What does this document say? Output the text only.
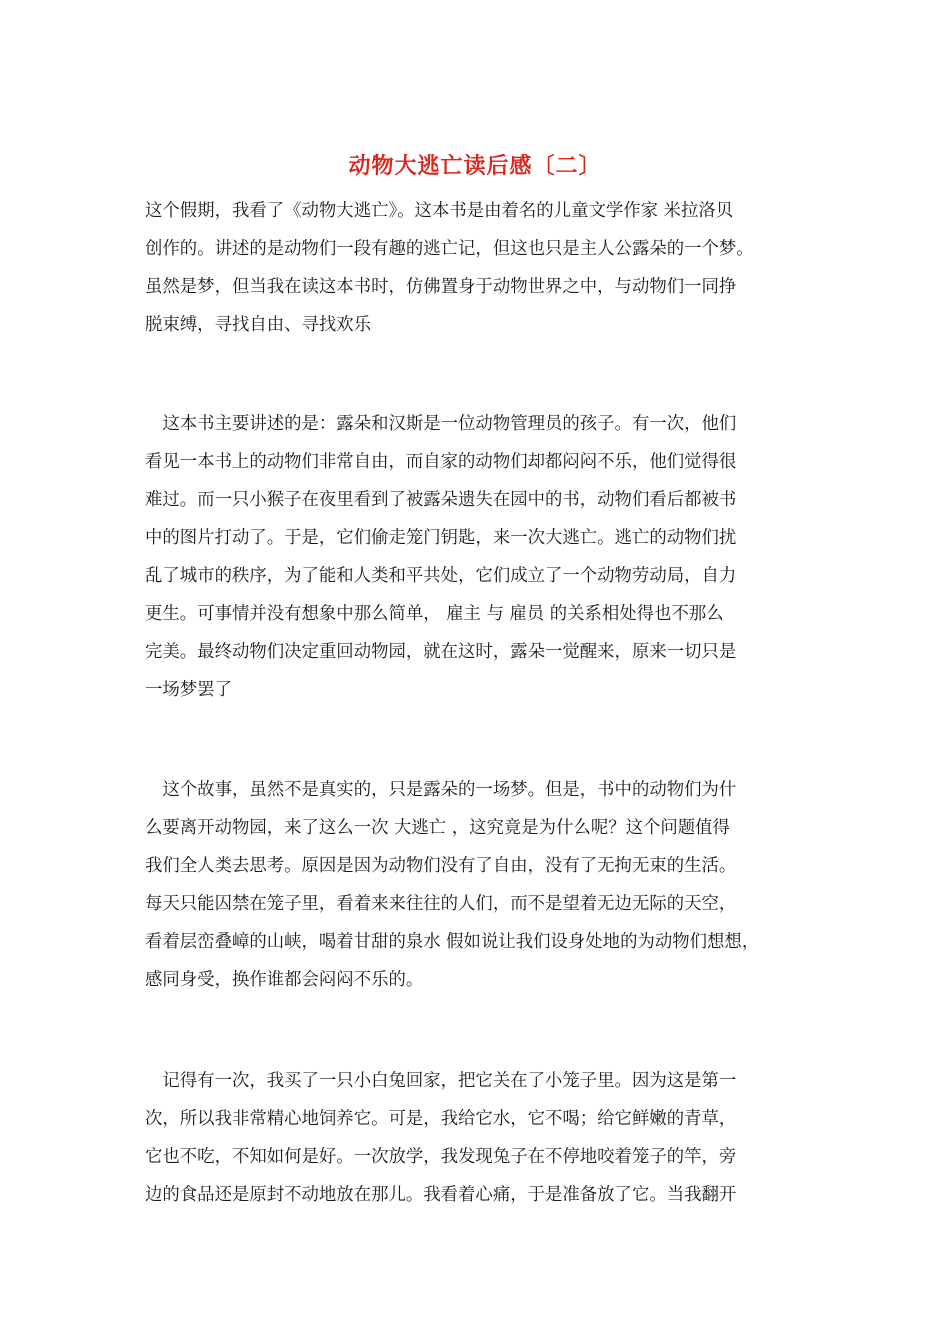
动物大逃亡读后感〔二〕
这个假期，我看了《动物大逃亡》。这本书是由着名的儿童文学作家 米拉洛贝
创作的。讲述的是动物们一段有趣的逃亡记，但这也只是主人公露朵的一个梦。
虽然是梦，但当我在读这本书时，仿佛置身于动物世界之中，与动物们一同挣
脱束缚，寻找自由、寻找欢乐
　这本书主要讲述的是：露朵和汉斯是一位动物管理员的孩子。有一次，他们
看见一本书上的动物们非常自由，而自家的动物们却都闷闷不乐，他们觉得很
难过。而一只小猴子在夜里看到了被露朵遗失在园中的书，动物们看后都被书
中的图片打动了。于是，它们偷走笼门钥匙，来一次大逃亡。逃亡的动物们扰
乱了城市的秩序，为了能和人类和平共处，它们成立了一个动物劳动局，自力
更生。可事情并没有想象中那么简单， 雇主 与 雇员 的关系相处得也不那么
完美。最终动物们决定重回动物园，就在这时，露朵一觉醒来，原来一切只是
一场梦罢了
　这个故事，虽然不是真实的，只是露朵的一场梦。但是，书中的动物们为什
么要离开动物园，来了这么一次 大逃亡 ，这究竟是为什么呢？这个问题值得
我们全人类去思考。原因是因为动物们没有了自由，没有了无拘无束的生活。
每天只能囚禁在笼子里，看着来来往往的人们，而不是望着无边无际的天空，
看着层峦叠嶂的山峡，喝着甘甜的泉水 假如说让我们设身处地的为动物们想想，
感同身受，换作谁都会闷闷不乐的。
　记得有一次，我买了一只小白兔回家，把它关在了小笼子里。因为这是第一
次，所以我非常精心地饲养它。可是，我给它水，它不喝；给它鲜嫩的青草，
它也不吃，不知如何是好。一次放学，我发现兔子在不停地咬着笼子的竿，旁
边的食品还是原封不动地放在那儿。我看着心痛，于是准备放了它。当我翻开
